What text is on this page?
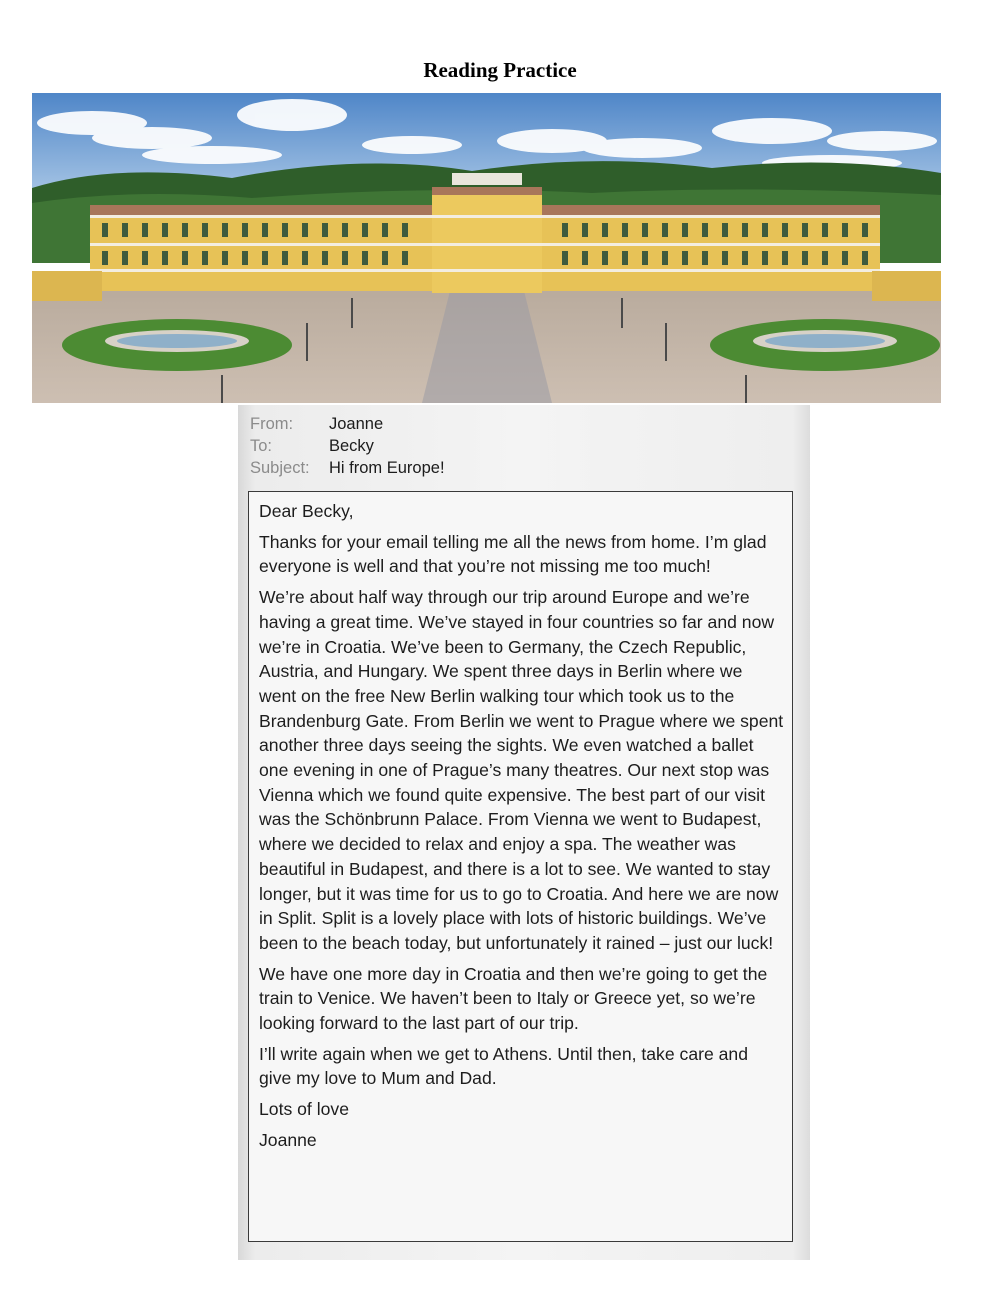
Reading Practice
From: Joanne
To:	Becky
Subject: Hi from Europe!

Dear Becky,

Thanks for your email telling me all the news from home. I’m glad everyone is well and that you’re not missing me too much!

We’re about half way through our trip around Europe and we’re having a great time. We’ve stayed in four countries so far and now we’re in Croatia. We’ve been to Germany, the Czech Republic, Austria, and Hungary. We spent three days in Berlin where we went on the free New Berlin walking tour which took us to the Brandenburg Gate. From Berlin we went to Prague where we spent another three days seeing the sights. We even watched a ballet one evening in one of Prague’s many theatres. Our next stop was Vienna which we found quite expensive. The best part of our visit was the Schönbrunn Palace. From Vienna we went to Budapest, where we decided to relax and enjoy a spa. The weather was beautiful in Budapest, and there is a lot to see. We wanted to stay longer, but it was time for us to go to Croatia. And here we are now in Split. Split is a lovely place with lots of historic buildings. We’ve been to the beach today, but unfortunately it rained – just our luck!

We have one more day in Croatia and then we’re going to get the train to Venice. We haven’t been to Italy or Greece yet, so we’re looking forward to the last part of our trip.

I’ll write again when we get to Athens. Until then, take care and give my love to Mum and Dad.

Lots of love

Joanne
